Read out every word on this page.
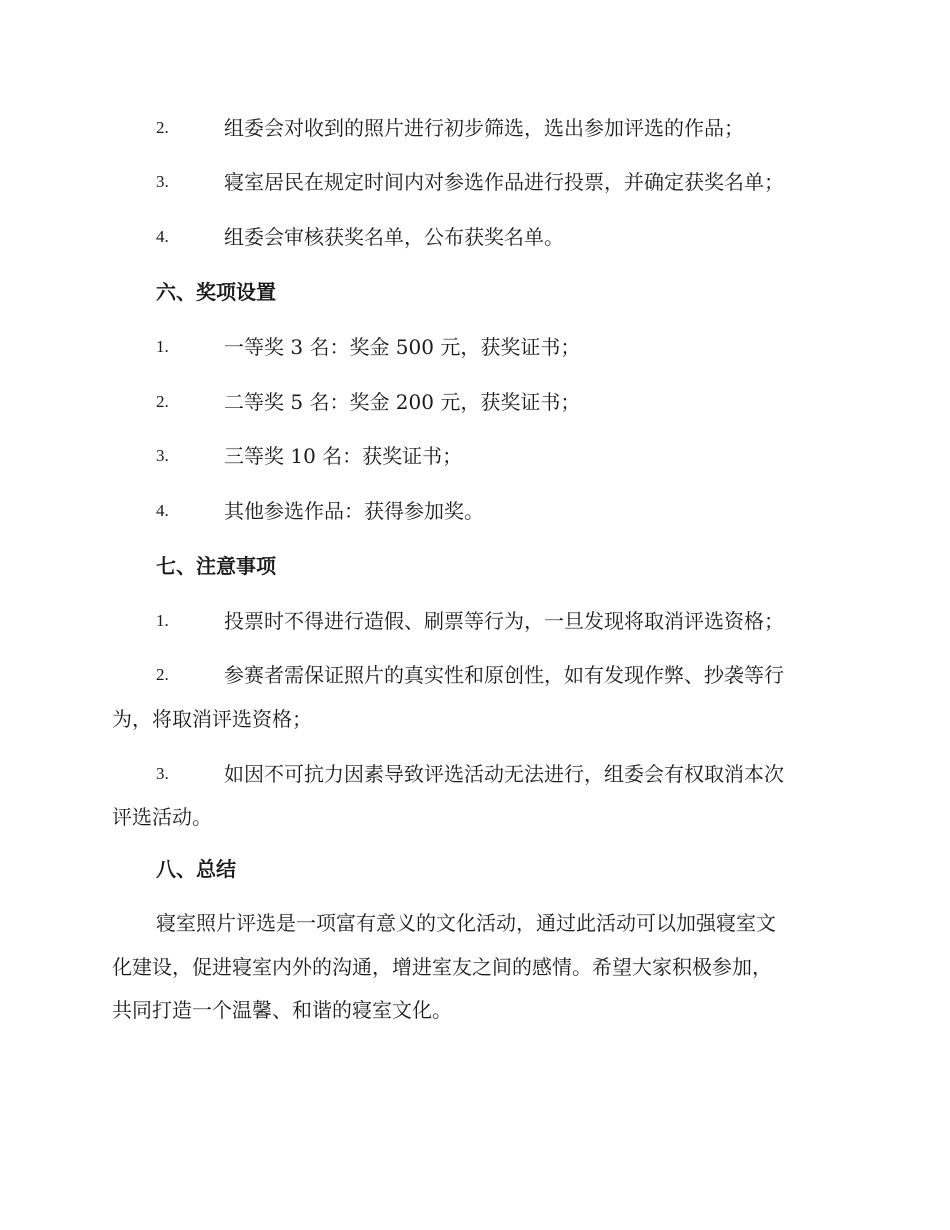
2.	组委会对收到的照片进行初步筛选，选出参加评选的作品；
3.	寝室居民在规定时间内对参选作品进行投票，并确定获奖名单；
4.	组委会审核获奖名单，公布获奖名单。
六、奖项设置
1.	一等奖 3 名：奖金 500 元，获奖证书；
2.	二等奖 5 名：奖金 200 元，获奖证书；
3.	三等奖 10 名：获奖证书；
4.	其他参选作品：获得参加奖。
七、注意事项
1.	投票时不得进行造假、刷票等行为，一旦发现将取消评选资格；
2.	参赛者需保证照片的真实性和原创性，如有发现作弊、抄袭等行
为，将取消评选资格；
3.	如因不可抗力因素导致评选活动无法进行，组委会有权取消本次
评选活动。
八、总结
寝室照片评选是一项富有意义的文化活动，通过此活动可以加强寝室文
化建设，促进寝室内外的沟通，增进室友之间的感情。希望大家积极参加，
共同打造一个温馨、和谐的寝室文化。
